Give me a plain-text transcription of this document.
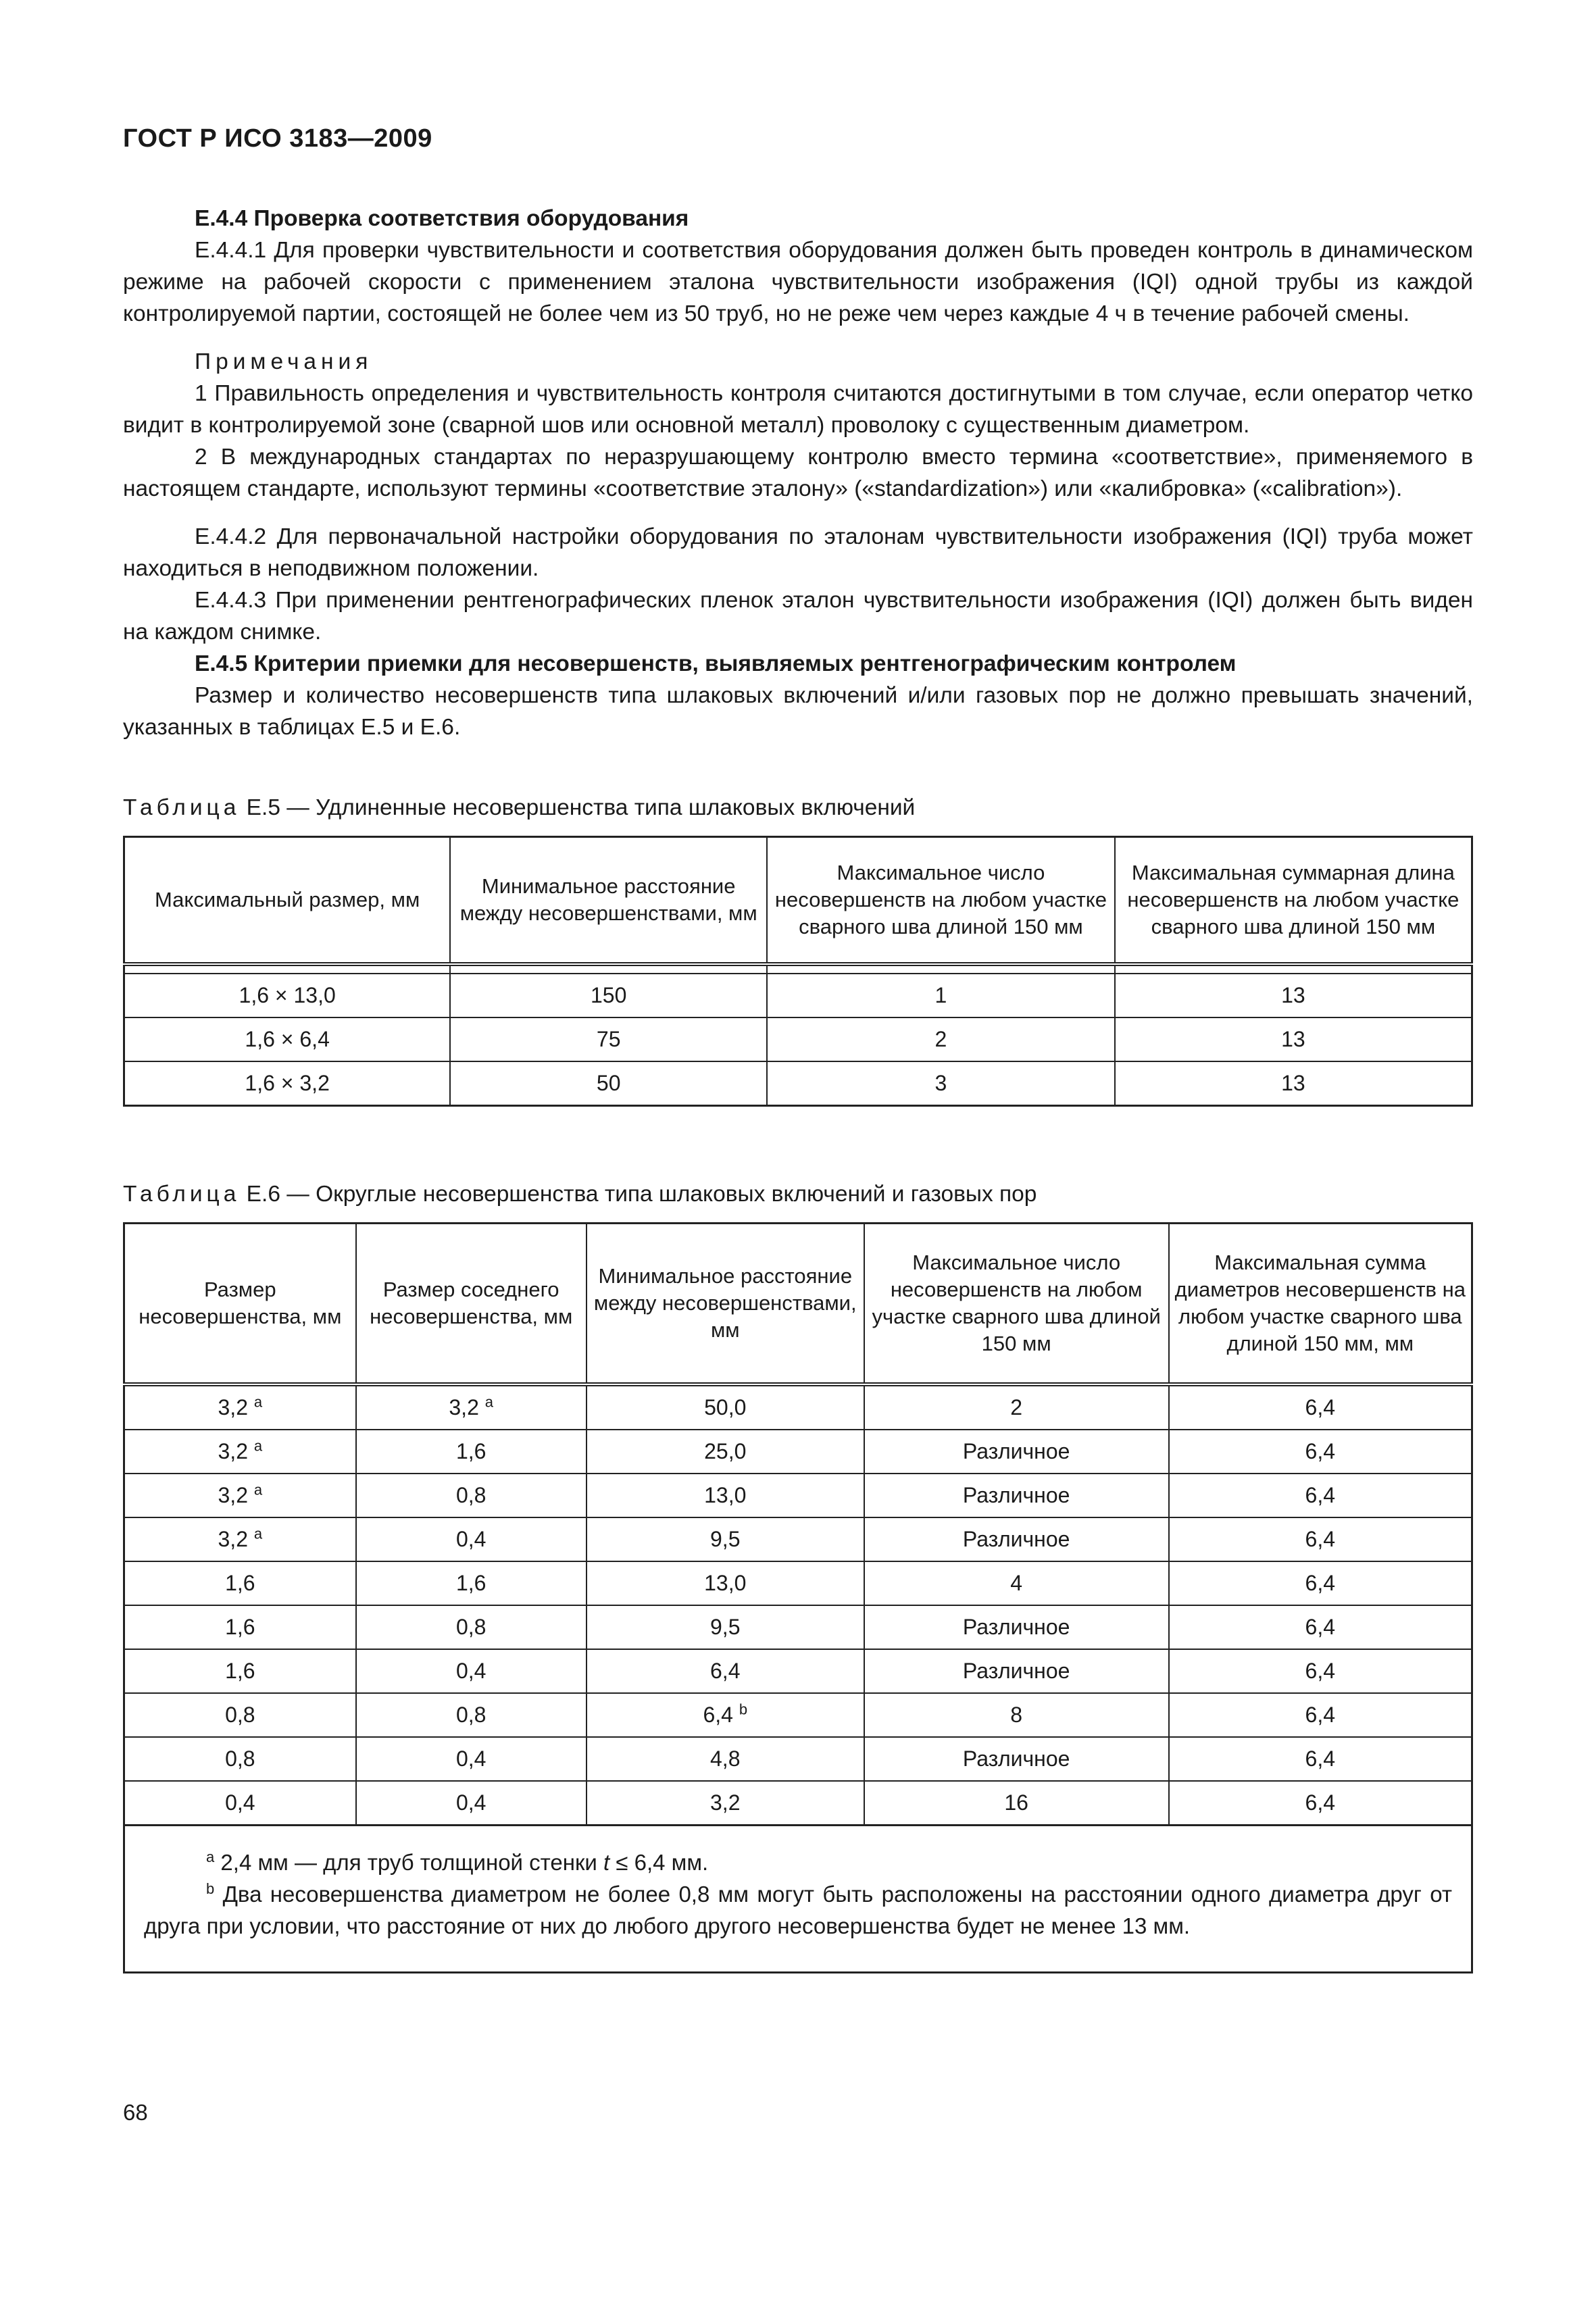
ГОСТ Р ИСО 3183—2009

Е.4.4 Проверка соответствия оборудования

Е.4.4.1 Для проверки чувствительности и соответствия оборудования должен быть проведен контроль в динамическом режиме на рабочей скорости с применением эталона чувствительности изображения (IQI) одной трубы из каждой контролируемой партии, состоящей не более чем из 50 труб, но не реже чем через каждые 4 ч в течение рабочей смены.

Примечания

1 Правильность определения и чувствительность контроля считаются достигнутыми в том случае, если оператор четко видит в контролируемой зоне (сварной шов или основной металл) проволоку с существенным диаметром.

2 В международных стандартах по неразрушающему контролю вместо термина «соответствие», применяемого в настоящем стандарте, используют термины «соответствие эталону» («standardization») или «калибровка» («calibration»).

Е.4.4.2 Для первоначальной настройки оборудования по эталонам чувствительности изображения (IQI) труба может находиться в неподвижном положении.

Е.4.4.3 При применении рентгенографических пленок эталон чувствительности изображения (IQI) должен быть виден на каждом снимке.

Е.4.5 Критерии приемки для несовершенств, выявляемых рентгенографическим контролем

Размер и количество несовершенств типа шлаковых включений и/или газовых пор не должно превышать значений, указанных в таблицах Е.5 и Е.6.

Таблица Е.5 — Удлиненные несовершенства типа шлаковых включений
Максимальный размер, мм	Минимальное расстояние между несовершенствами, мм	Максимальное число несовершенств на любом участке сварного шва длиной 150 мм	Максимальная суммарная длина несовершенств на любом участке сварного шва длиной 150 мм

1,6 × 13,0	150	1	13
1,6 × 6,4	75	2	13
1,6 × 3,2	50	3	13
Таблица Е.6 — Округлые несовершенства типа шлаковых включений и газовых пор
Размер несовершенства, мм	Размер соседнего несовершенства, мм	Минимальное расстояние между несовершенствами, мм	Максимальное число несовершенств на любом участке сварного шва длиной 150 мм	Максимальная сумма диаметров несовершенств на любом участке сварного шва длиной 150 мм, мм
3,2 $^a$	3,2 $^a$	50,0	2	6,4
3,2 $^a$	1,6	25,0	Различное	6,4
3,2 $^a$	0,8	13,0	Различное	6,4
3,2 $^a$	0,4	9,5	Различное	6,4
1,6	1,6	13,0	4	6,4
1,6	0,8	9,5	Различное	6,4
1,6	0,4	6,4	Различное	6,4
0,8	0,8	6,4 $^b$	8	6,4
0,8	0,4	4,8	Различное	6,4
0,4	0,4	3,2	16	6,4

$^a$ 2,4 мм — для труб толщиной стенки t ≤ 6,4 мм.

$^b$ Два несовершенства диаметром не более 0,8 мм могут быть расположены на расстоянии одного диаметра друг от друга при условии, что расстояние от них до любого другого несовершенства будет не менее 13 мм.				

68
